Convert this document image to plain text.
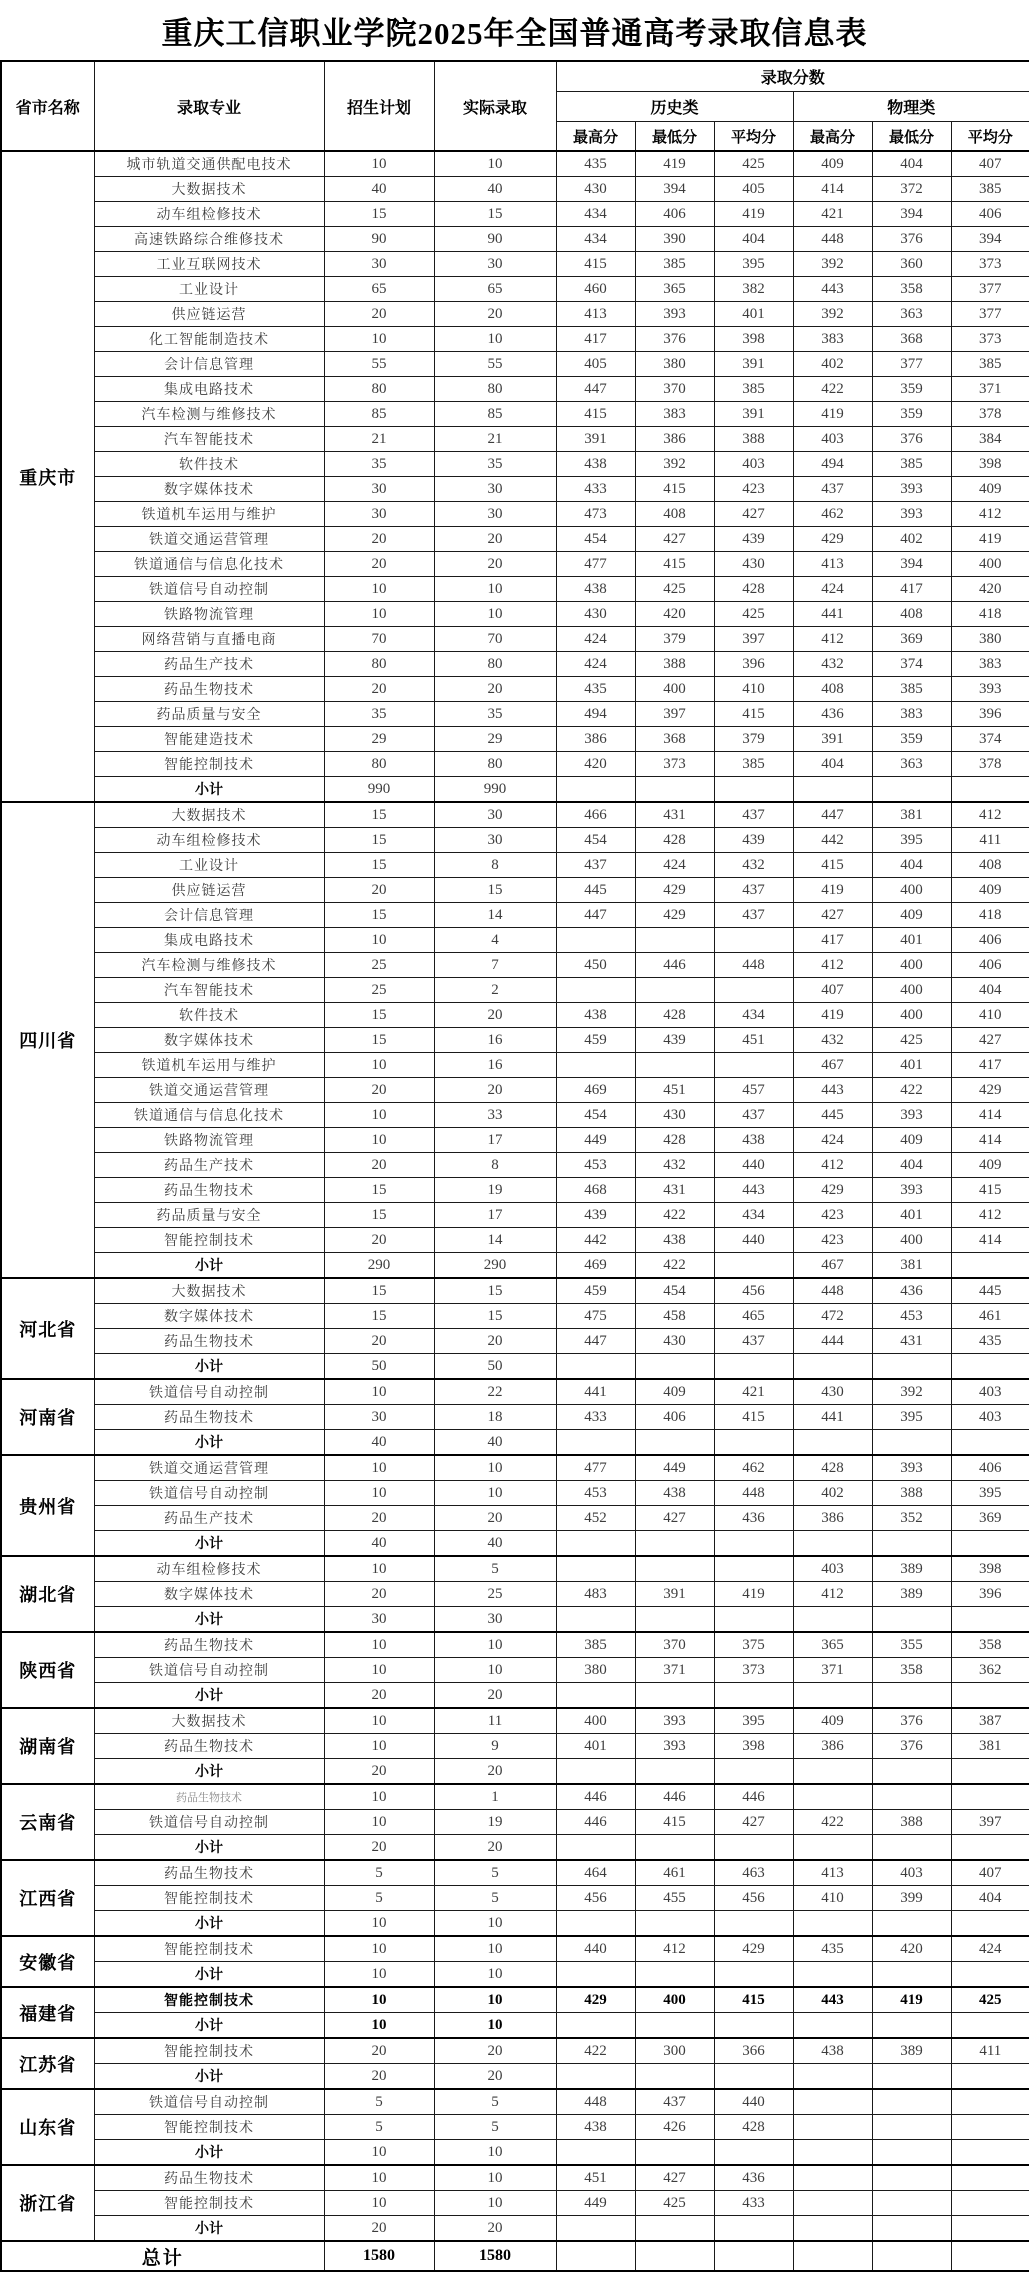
重庆工信职业学院2025年全国普通高考录取信息表
省市名称	录取专业	招生计划	实际录取	录取分数					
				历史类			物理类		
				最高分	最低分	平均分	最高分	最低分	平均分
重庆市	城市轨道交通供配电技术	10	10	435	419	425	409	404	407
	大数据技术	40	40	430	394	405	414	372	385
	动车组检修技术	15	15	434	406	419	421	394	406
	高速铁路综合维修技术	90	90	434	390	404	448	376	394
	工业互联网技术	30	30	415	385	395	392	360	373
	工业设计	65	65	460	365	382	443	358	377
	供应链运营	20	20	413	393	401	392	363	377
	化工智能制造技术	10	10	417	376	398	383	368	373
	会计信息管理	55	55	405	380	391	402	377	385
	集成电路技术	80	80	447	370	385	422	359	371
	汽车检测与维修技术	85	85	415	383	391	419	359	378
	汽车智能技术	21	21	391	386	388	403	376	384
	软件技术	35	35	438	392	403	494	385	398
	数字媒体技术	30	30	433	415	423	437	393	409
	铁道机车运用与维护	30	30	473	408	427	462	393	412
	铁道交通运营管理	20	20	454	427	439	429	402	419
	铁道通信与信息化技术	20	20	477	415	430	413	394	400
	铁道信号自动控制	10	10	438	425	428	424	417	420
	铁路物流管理	10	10	430	420	425	441	408	418
	网络营销与直播电商	70	70	424	379	397	412	369	380
	药品生产技术	80	80	424	388	396	432	374	383
	药品生物技术	20	20	435	400	410	408	385	393
	药品质量与安全	35	35	494	397	415	436	383	396
	智能建造技术	29	29	386	368	379	391	359	374
	智能控制技术	80	80	420	373	385	404	363	378
	小计	990	990						
四川省	大数据技术	15	30	466	431	437	447	381	412
	动车组检修技术	15	30	454	428	439	442	395	411
	工业设计	15	8	437	424	432	415	404	408
	供应链运营	20	15	445	429	437	419	400	409
	会计信息管理	15	14	447	429	437	427	409	418
	集成电路技术	10	4				417	401	406
	汽车检测与维修技术	25	7	450	446	448	412	400	406
	汽车智能技术	25	2				407	400	404
	软件技术	15	20	438	428	434	419	400	410
	数字媒体技术	15	16	459	439	451	432	425	427
	铁道机车运用与维护	10	16				467	401	417
	铁道交通运营管理	20	20	469	451	457	443	422	429
	铁道通信与信息化技术	10	33	454	430	437	445	393	414
	铁路物流管理	10	17	449	428	438	424	409	414
	药品生产技术	20	8	453	432	440	412	404	409
	药品生物技术	15	19	468	431	443	429	393	415
	药品质量与安全	15	17	439	422	434	423	401	412
	智能控制技术	20	14	442	438	440	423	400	414
	小计	290	290	469	422		467	381	
河北省	大数据技术	15	15	459	454	456	448	436	445
	数字媒体技术	15	15	475	458	465	472	453	461
	药品生物技术	20	20	447	430	437	444	431	435
	小计	50	50						
河南省	铁道信号自动控制	10	22	441	409	421	430	392	403
	药品生物技术	30	18	433	406	415	441	395	403
	小计	40	40						
贵州省	铁道交通运营管理	10	10	477	449	462	428	393	406
	铁道信号自动控制	10	10	453	438	448	402	388	395
	药品生产技术	20	20	452	427	436	386	352	369
	小计	40	40						
湖北省	动车组检修技术	10	5				403	389	398
	数字媒体技术	20	25	483	391	419	412	389	396
	小计	30	30						
陕西省	药品生物技术	10	10	385	370	375	365	355	358
	铁道信号自动控制	10	10	380	371	373	371	358	362
	小计	20	20						
湖南省	大数据技术	10	11	400	393	395	409	376	387
	药品生物技术	10	9	401	393	398	386	376	381
	小计	20	20						
云南省	药品生物技术	10	1	446	446	446			
	铁道信号自动控制	10	19	446	415	427	422	388	397
	小计	20	20						
江西省	药品生物技术	5	5	464	461	463	413	403	407
	智能控制技术	5	5	456	455	456	410	399	404
	小计	10	10						
安徽省	智能控制技术	10	10	440	412	429	435	420	424
	小计	10	10						
福建省	智能控制技术	10	10	429	400	415	443	419	425
	小计	10	10						
江苏省	智能控制技术	20	20	422	300	366	438	389	411
	小计	20	20						
山东省	铁道信号自动控制	5	5	448	437	440			
	智能控制技术	5	5	438	426	428			
	小计	10	10						
浙江省	药品生物技术	10	10	451	427	436			
	智能控制技术	10	10	449	425	433			
	小计	20	20						
总计		1580	1580						
